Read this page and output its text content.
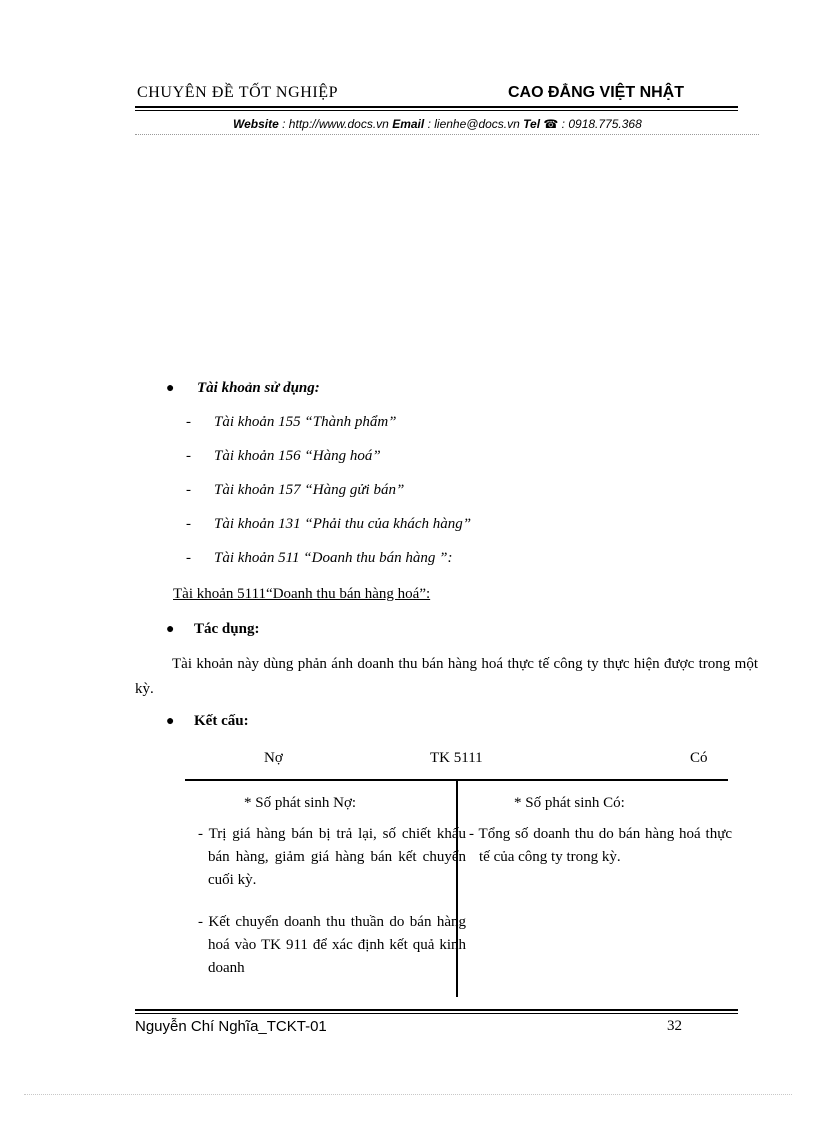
CHUYÊN ĐỀ TỐT NGHIỆP	CAO ĐẲNG VIỆT NHẬT
Website : http://www.docs.vn Email : lienhe@docs.vn Tel ☎ : 0918.775.368
● Tài khoản sử dụng:
- Tài khoản 155 “Thành phẩm”
- Tài khoản 156 “Hàng hoá”
- Tài khoản 157 “Hàng gửi bán”
- Tài khoản 131 “Phải thu của khách hàng”
- Tài khoản 511 “Doanh thu bán hàng ”:
Tài khoản 5111“Doanh thu bán hàng hoá”:
● Tác dụng:
Tài khoản này dùng phản ánh doanh thu bán hàng hoá thực tế công ty thực hiện được trong một kỳ.
● Kết cấu:
Nợ	TK 5111	Có
* Số phát sinh Nợ:
- Trị giá hàng bán bị trả lại, số chiết khấu bán hàng, giảm giá hàng bán kết chuyển cuối kỳ.
- Kết chuyển doanh thu thuần do bán hàng hoá vào TK 911 để xác định kết quả kinh doanh
* Số phát sinh Có:
- Tổng số doanh thu do bán hàng hoá thực tế của công ty trong kỳ.
Nguyễn Chí Nghĩa_TCKT-01	32
